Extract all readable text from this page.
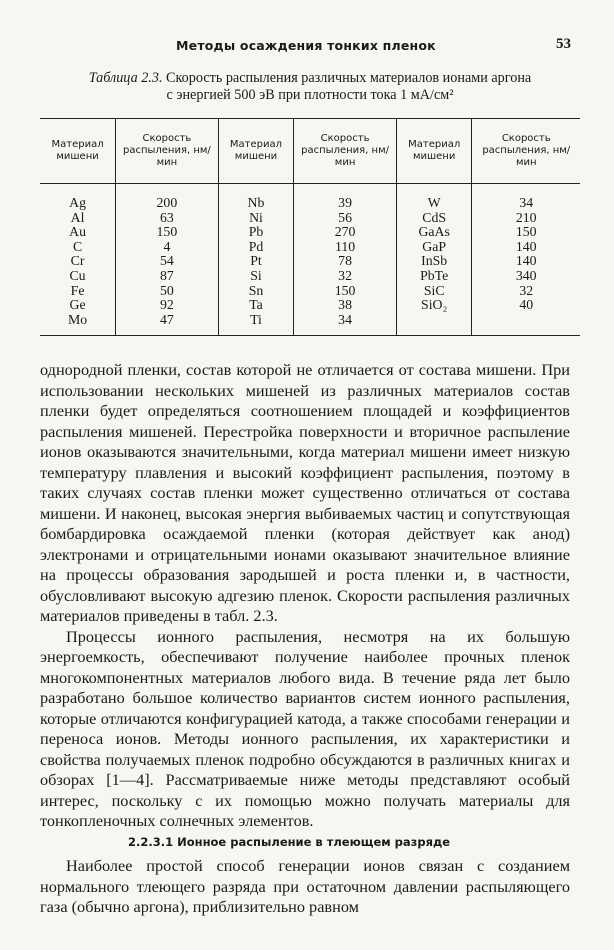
Методы осаждения тонких пленок	53
Таблица 2.3. Скорость распыления различных материалов ионами аргона
с энергией 500 эВ при плотности тока 1 мА/см²
Материал мишени	Скорость распыления, нм/мин	Материал мишени	Скорость распыления, нм/мин	Материал мишени	Скорость распыления, нм/мин
Ag	200	Nb	39	W	34
Al	63	Ni	56	CdS	210
Au	150	Pb	270	GaAs	150
C	4	Pd	110	GaP	140
Cr	54	Pt	78	InSb	140
Cu	87	Si	32	PbTe	340
Fe	50	Sn	150	SiC	32
Ge	92	Ta	38	SiO₂	40
Mo	47	Ti	34		

однородной пленки, состав которой не отличается от состава мишени. При использовании нескольких мишеней из различных материалов состав пленки будет определяться соотношением площадей и коэффициентов распыления мишеней. Перестройка поверхности и вторичное распыление ионов оказываются значительными, когда материал мишени имеет низкую температуру плавления и высокий коэффициент распыления, поэтому в таких случаях состав пленки может существенно отличаться от состава мишени. И наконец, высокая энергия выбиваемых частиц и сопутствующая бомбардировка осаждаемой пленки (которая действует как анод) электронами и отрицательными ионами оказывают значительное влияние на процессы образования зародышей и роста пленки и, в частности, обусловливают высокую адгезию пленок. Скорости распыления различных материалов приведены в табл. 2.3.

Процессы ионного распыления, несмотря на их большую энергоемкость, обеспечивают получение наиболее прочных пленок многокомпонентных материалов любого вида. В течение ряда лет было разработано большое количество вариантов систем ионного распыления, которые отличаются конфигурацией катода, а также способами генерации и переноса ионов. Методы ионного распыления, их характеристики и свойства получаемых пленок подробно обсуждаются в различных книгах и обзорах [1—4]. Рассматриваемые ниже методы представляют особый интерес, поскольку с их помощью можно получать материалы для тонкопленочных солнечных элементов.

2.2.3.1 Ионное распыление в тлеющем разряде

Наиболее простой способ генерации ионов связан с созданием нормального тлеющего разряда при остаточном давлении распыляющего газа (обычно аргона), приблизительно равном
